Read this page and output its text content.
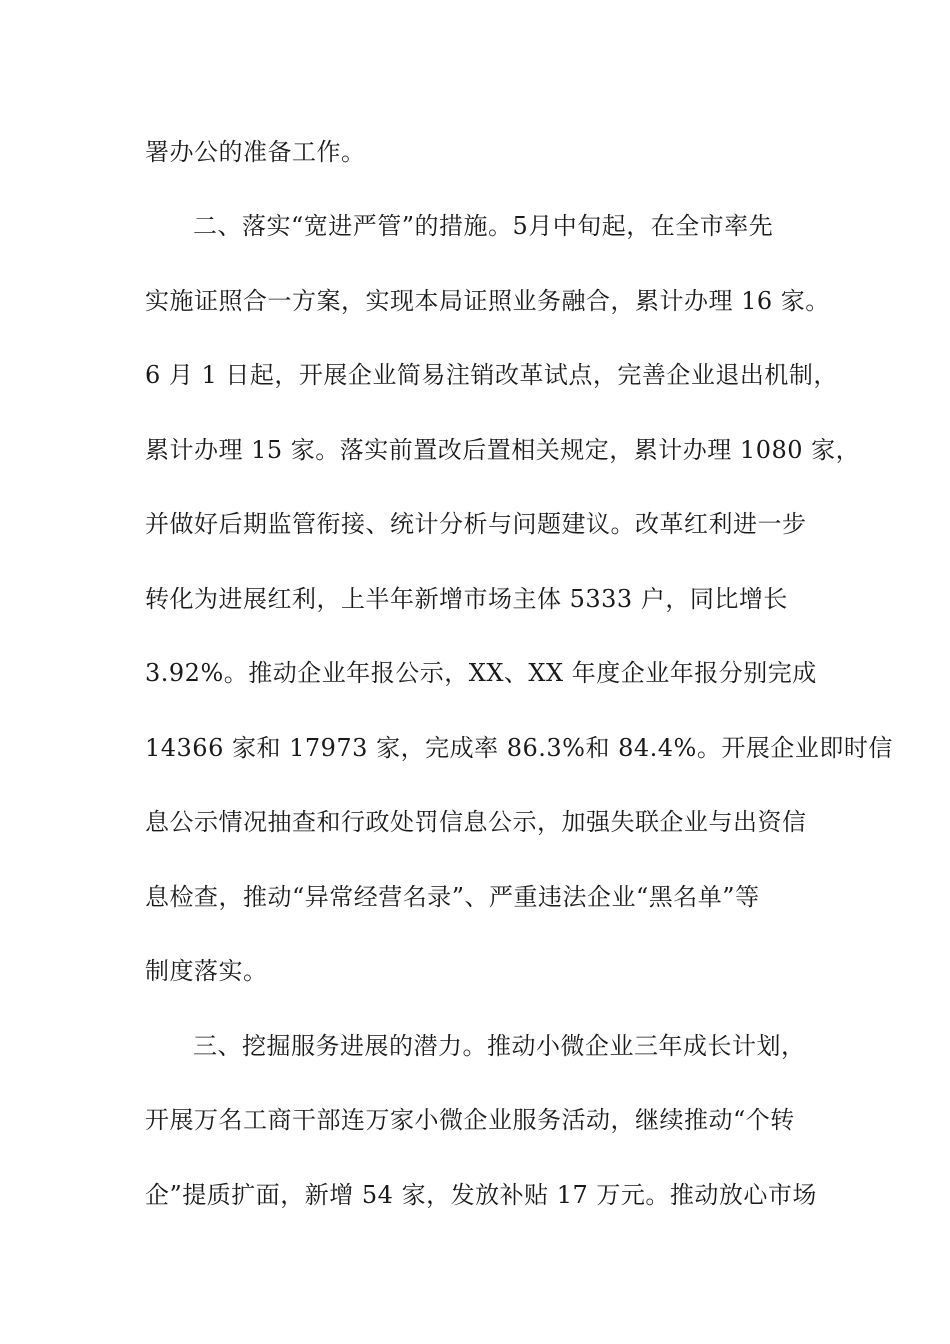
署办公的准备工作。
二、落实“宽进严管”的措施。5月中旬起，在全市率先
实施证照合一方案，实现本局证照业务融合，累计办理 16 家。
6 月 1 日起，开展企业简易注销改革试点，完善企业退出机制，
累计办理 15 家。落实前置改后置相关规定，累计办理 1080 家，
并做好后期监管衔接、统计分析与问题建议。改革红利进一步
转化为进展红利，上半年新增市场主体 5333 户，同比增长
3.92%。推动企业年报公示，XX、XX 年度企业年报分别完成
14366 家和 17973 家，完成率 86.3%和 84.4%。开展企业即时信
息公示情况抽查和行政处罚信息公示，加强失联企业与出资信
息检查，推动“异常经营名录”、严重违法企业“黑名单”等
制度落实。
三、挖掘服务进展的潜力。推动小微企业三年成长计划，
开展万名工商干部连万家小微企业服务活动，继续推动“个转
企”提质扩面，新增 54 家，发放补贴 17 万元。推动放心市场
